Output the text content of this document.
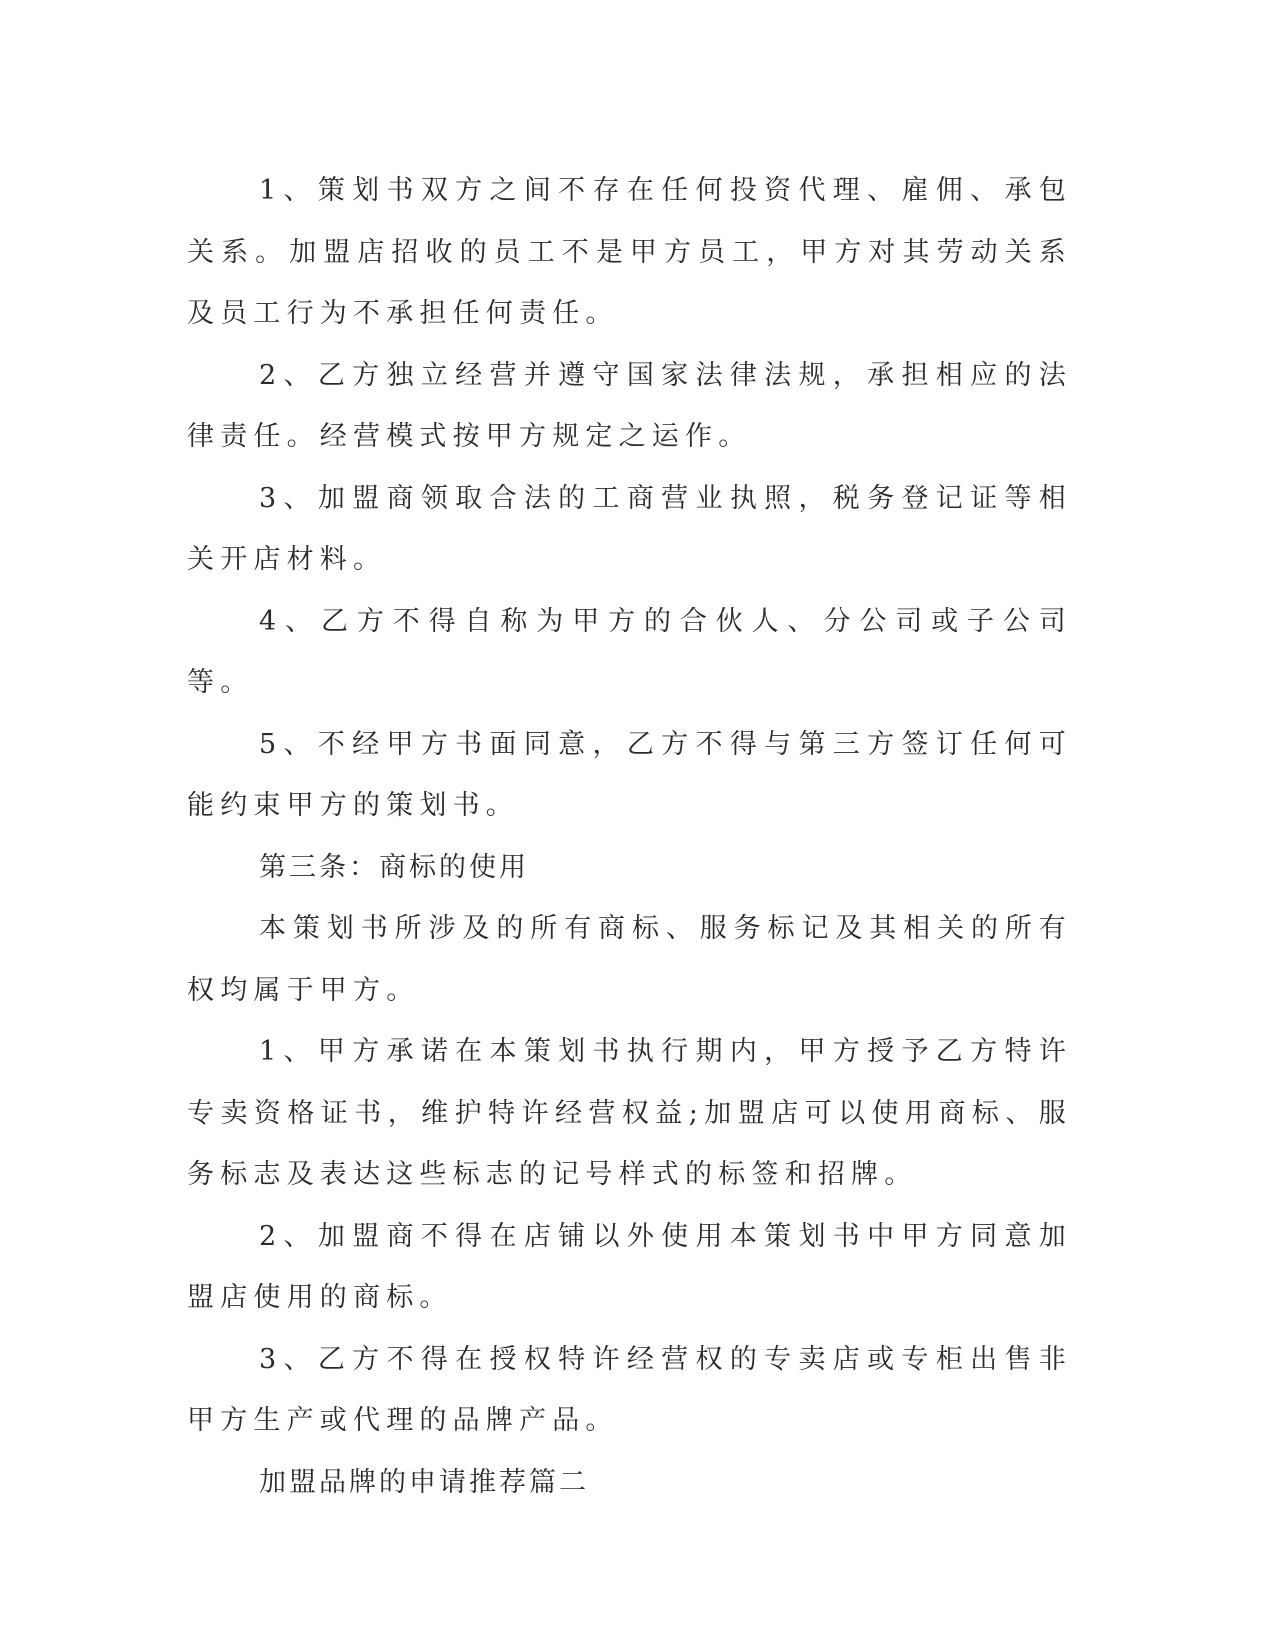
1、策划书双方之间不存在任何投资代理、雇佣、承包关系。加盟店招收的员工不是甲方员工，甲方对其劳动关系及员工行为不承担任何责任。

2、乙方独立经营并遵守国家法律法规，承担相应的法律责任。经营模式按甲方规定之运作。

3、加盟商领取合法的工商营业执照，税务登记证等相关开店材料。

4、乙方不得自称为甲方的合伙人、分公司或子公司等。

5、不经甲方书面同意，乙方不得与第三方签订任何可能约束甲方的策划书。

第三条：商标的使用

本策划书所涉及的所有商标、服务标记及其相关的所有权均属于甲方。

1、甲方承诺在本策划书执行期内，甲方授予乙方特许专卖资格证书，维护特许经营权益;加盟店可以使用商标、服务标志及表达这些标志的记号样式的标签和招牌。

2、加盟商不得在店铺以外使用本策划书中甲方同意加盟店使用的商标。

3、乙方不得在授权特许经营权的专卖店或专柜出售非甲方生产或代理的品牌产品。

加盟品牌的申请推荐篇二
